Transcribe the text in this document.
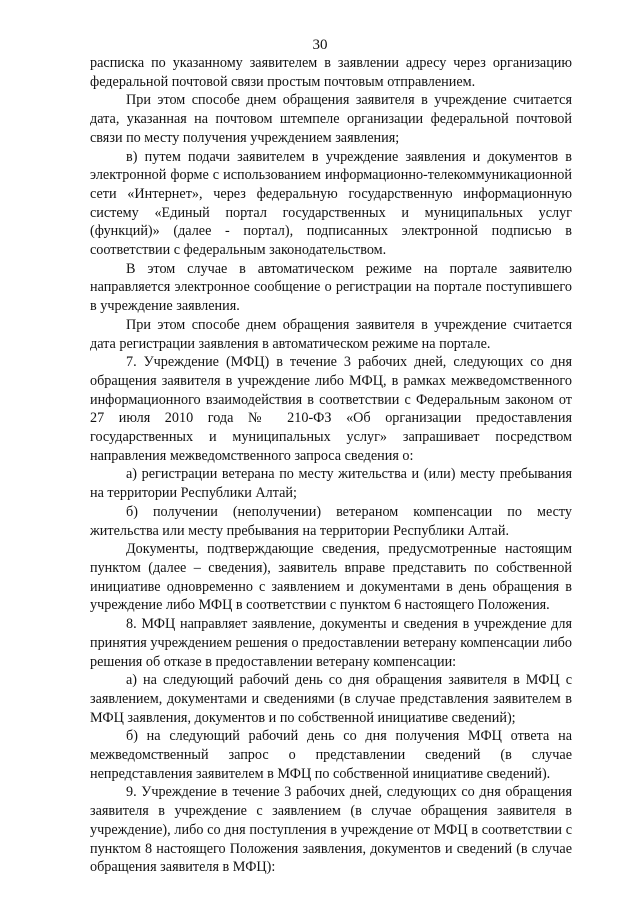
30

расписка по указанному заявителем в заявлении адресу через организацию федеральной почтовой связи простым почтовым отправлением.

При этом способе днем обращения заявителя в учреждение считается дата, указанная на почтовом штемпеле организации федеральной почтовой связи по месту получения учреждением заявления;

в) путем подачи заявителем в учреждение заявления и документов в электронной форме с использованием информационно-телекоммуникационной сети «Интернет», через федеральную государственную информационную систему «Единый портал государственных и муниципальных услуг (функций)» (далее - портал), подписанных электронной подписью в соответствии с федеральным законодательством.

В этом случае в автоматическом режиме на портале заявителю направляется электронное сообщение о регистрации на портале поступившего в учреждение заявления.

При этом способе днем обращения заявителя в учреждение считается дата регистрации заявления в автоматическом режиме на портале.

7. Учреждение (МФЦ) в течение 3 рабочих дней, следующих со дня обращения заявителя в учреждение либо МФЦ, в рамках межведомственного информационного взаимодействия в соответствии с Федеральным законом от 27 июля 2010 года № 210-ФЗ «Об организации предоставления государственных и муниципальных услуг» запрашивает посредством направления межведомственного запроса сведения о:

а) регистрации ветерана по месту жительства и (или) месту пребывания на территории Республики Алтай;

б) получении (неполучении) ветераном компенсации по месту жительства или месту пребывания на территории Республики Алтай.

Документы, подтверждающие сведения, предусмотренные настоящим пунктом (далее – сведения), заявитель вправе представить по собственной инициативе одновременно с заявлением и документами в день обращения в учреждение либо МФЦ в соответствии с пунктом 6 настоящего Положения.

8. МФЦ направляет заявление, документы и сведения в учреждение для принятия учреждением решения о предоставлении ветерану компенсации либо решения об отказе в предоставлении ветерану компенсации:

а) на следующий рабочий день со дня обращения заявителя в МФЦ с заявлением, документами и сведениями (в случае представления заявителем в МФЦ заявления, документов и по собственной инициативе сведений);

б) на следующий рабочий день со дня получения МФЦ ответа на межведомственный запрос о представлении сведений (в случае непредставления заявителем в МФЦ по собственной инициативе сведений).

9. Учреждение в течение 3 рабочих дней, следующих со дня обращения заявителя в учреждение с заявлением (в случае обращения заявителя в учреждение), либо со дня поступления в учреждение от МФЦ в соответствии с пунктом 8 настоящего Положения заявления, документов и сведений (в случае обращения заявителя в МФЦ):
